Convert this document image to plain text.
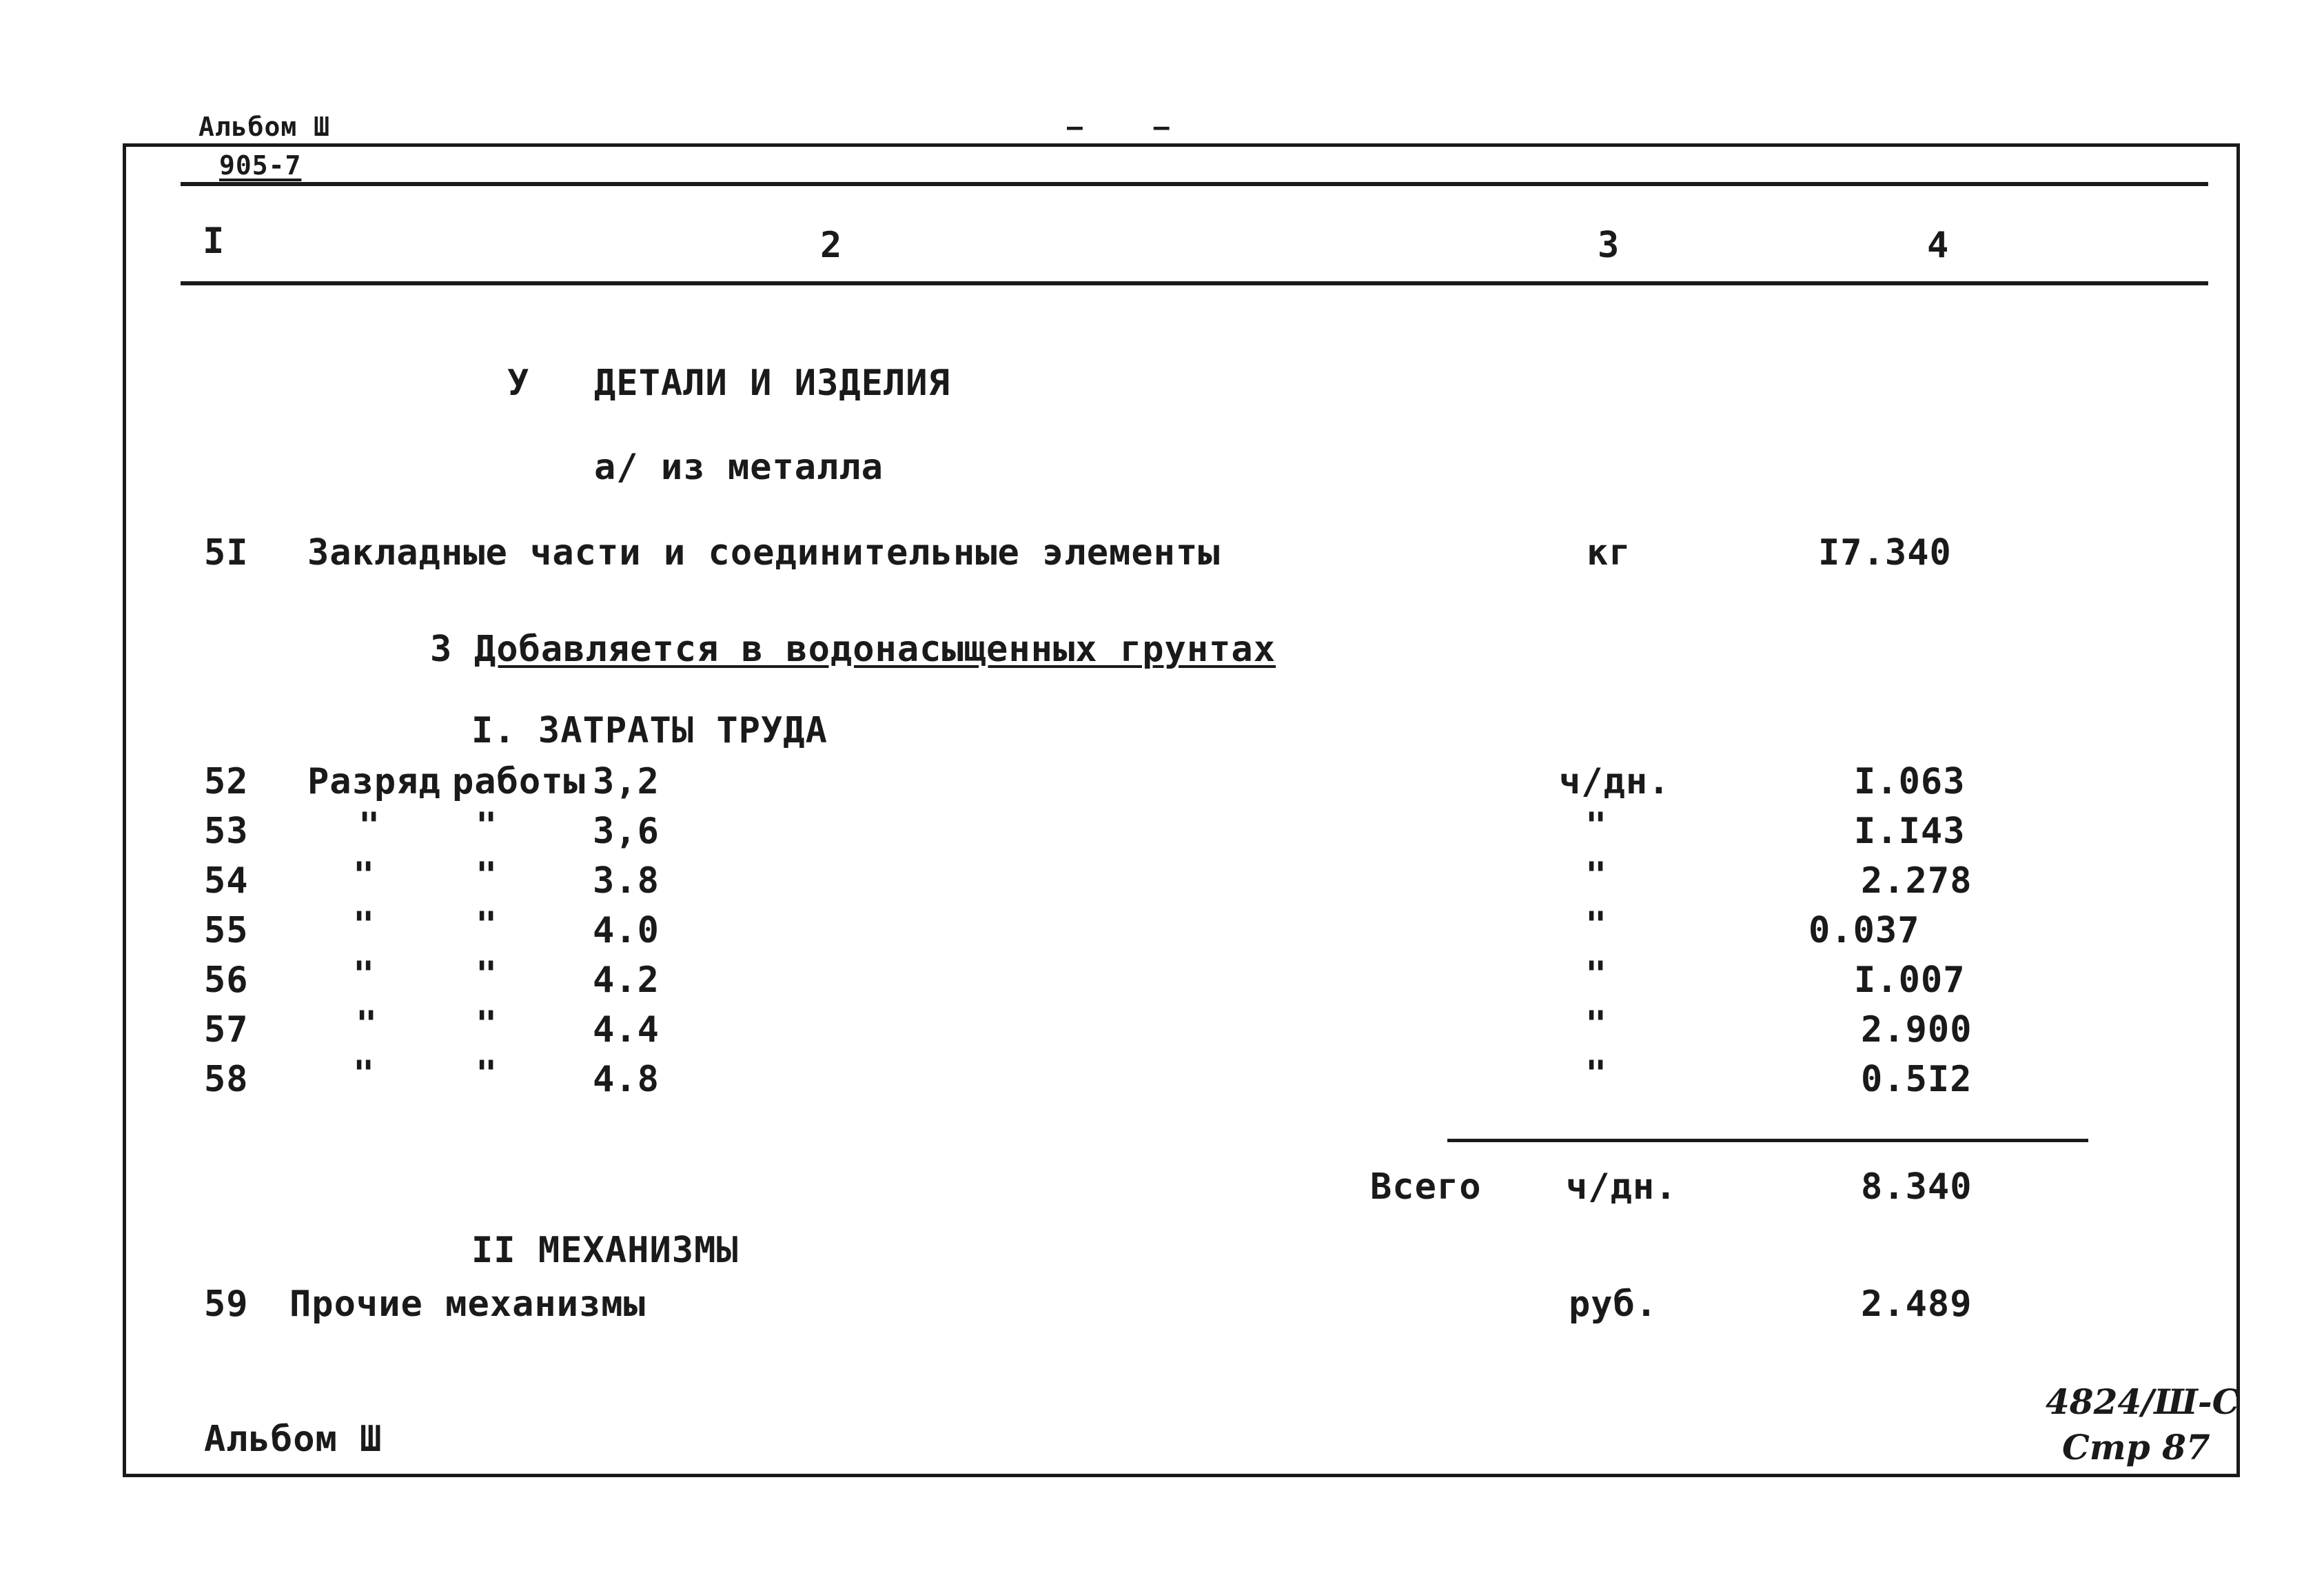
Альбом Ш
905-7
— —
I	2	3	4
У ДЕТАЛИ И ИЗДЕЛИЯ
а/ из металла
5I Закладные части и соединительные элементы	кг	I7.340
3 Добавляется в водонасыщенных грунтах
I. ЗАТРАТЫ ТРУДА
52 Разряд работы 3,2	ч/дн.	I.063
53	"	"	3,6	"	I.I43
54	"	"	3.8	"	2.278
55	"	"	4.0	"	0.037
56	"	"	4.2	"	I.007
57	"	"	4.4	"	2.900
58	"	"	4.8	"	0.5I2
Всего ч/дн.	8.340
II МЕХАНИЗМЫ
59 Прочие механизмы	руб.	2.489
Альбом Ш
4824/Ш-С
Стр 87
